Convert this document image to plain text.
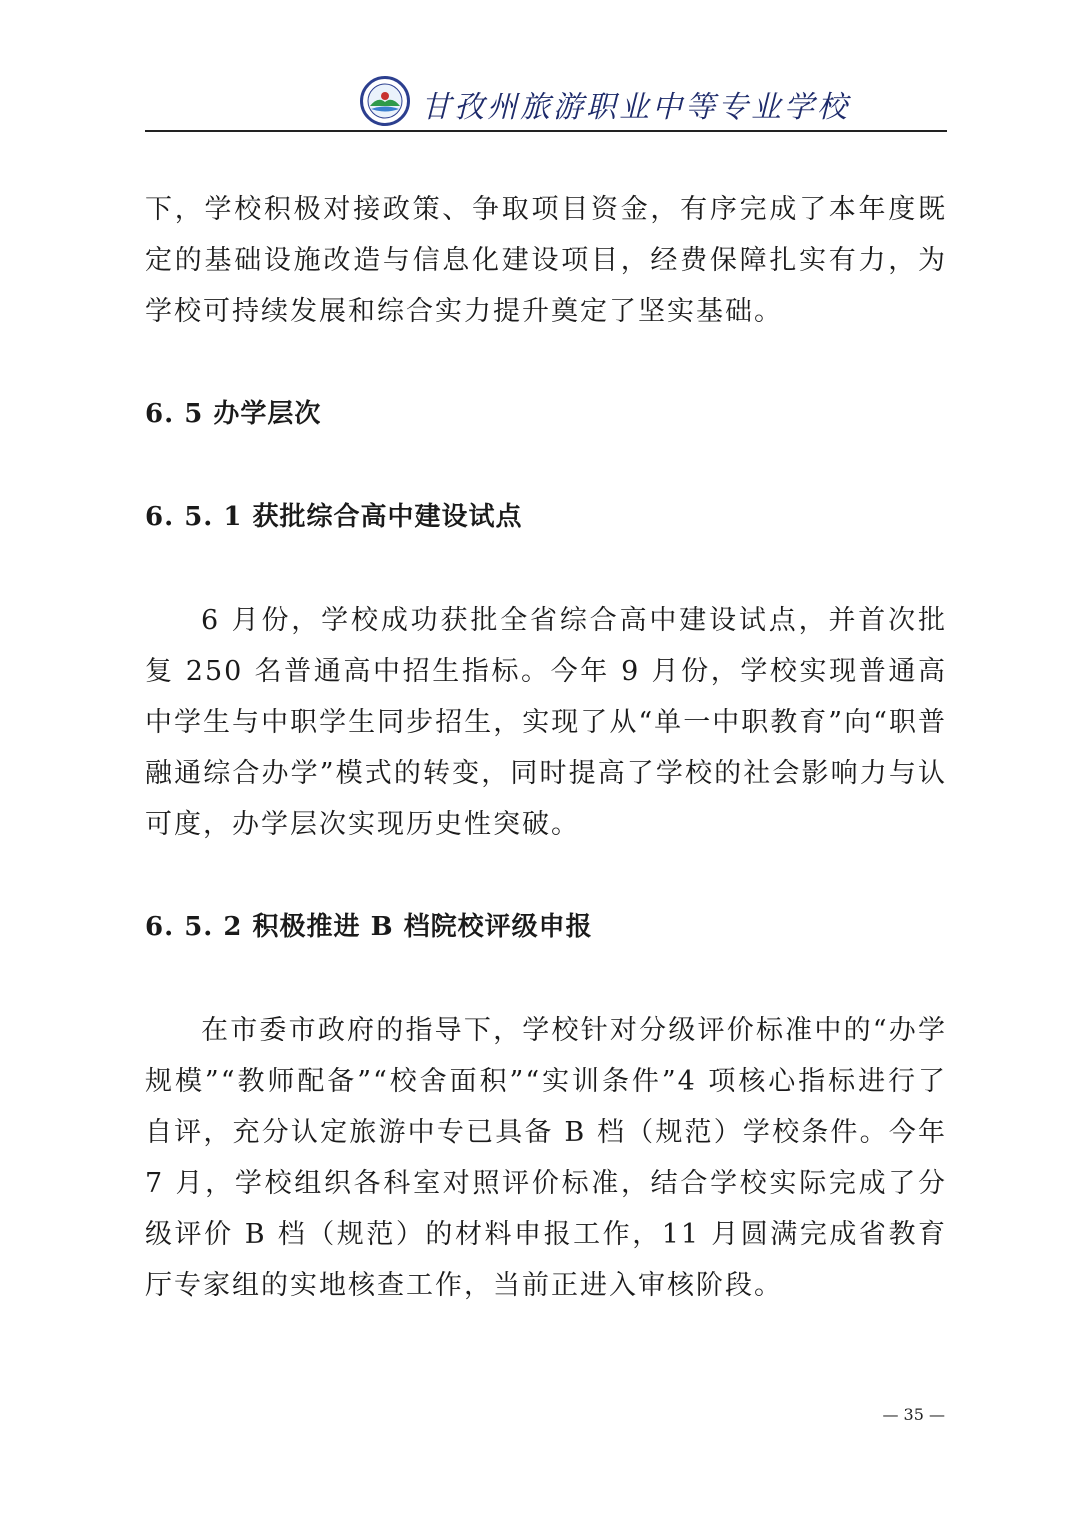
甘孜州旅游职业中等专业学校

下，学校积极对接政策、争取项目资金，有序完成了本年度既定的基础设施改造与信息化建设项目，经费保障扎实有力，为学校可持续发展和综合实力提升奠定了坚实基础。

6. 5 办学层次

6. 5. 1 获批综合高中建设试点

6 月份，学校成功获批全省综合高中建设试点，并首次批复 250 名普通高中招生指标。今年 9 月份，学校实现普通高中学生与中职学生同步招生，实现了从“单一中职教育”向“职普融通综合办学”模式的转变，同时提高了学校的社会影响力与认可度，办学层次实现历史性突破。

6. 5. 2 积极推进 B 档院校评级申报

在市委市政府的指导下，学校针对分级评价标准中的“办学规模”“教师配备”“校舍面积”“实训条件”4 项核心指标进行了自评，充分认定旅游中专已具备 B 档（规范）学校条件。今年 7 月，学校组织各科室对照评价标准，结合学校实际完成了分级评价 B 档（规范）的材料申报工作，11 月圆满完成省教育厅专家组的实地核查工作，当前正进入审核阶段。

— 35 —
